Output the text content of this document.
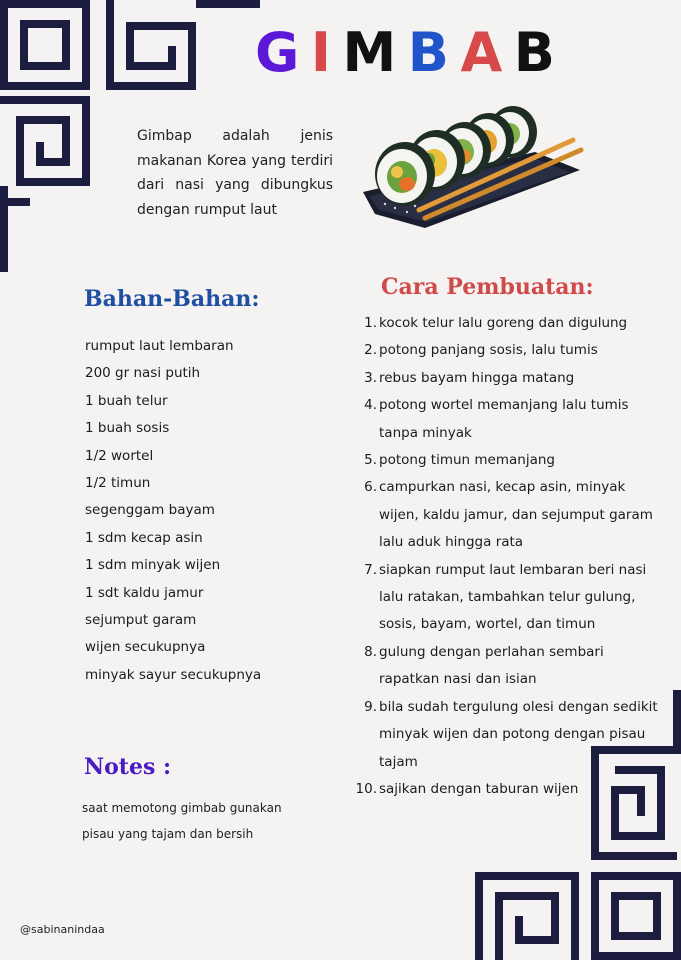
G I M B A B
Gimbap adalah jenis makanan Korea yang terdiri dari nasi yang dibungkus dengan rumput laut
Bahan-Bahan:
rumput laut lembaran
200 gr nasi putih
1 buah telur
1 buah sosis
1/2 wortel
1/2 timun
segenggam bayam
1 sdm kecap asin
1 sdm minyak wijen
1 sdt kaldu jamur
sejumput garam
wijen secukupnya
minyak sayur secukupnya
Cara Pembuatan:
1. kocok telur lalu goreng dan digulung
2. potong panjang sosis, lalu tumis
3. rebus bayam hingga matang
4. potong wortel memanjang lalu tumis tanpa minyak
5. potong timun memanjang
6. campurkan nasi, kecap asin, minyak wijen, kaldu jamur, dan sejumput garam lalu aduk hingga rata
7. siapkan rumput laut lembaran beri nasi lalu ratakan, tambahkan telur gulung, sosis, bayam, wortel, dan timun
8. gulung dengan perlahan sembari rapatkan nasi dan isian
9. bila sudah tergulung olesi dengan sedikit minyak wijen dan potong dengan pisau tajam
10. sajikan dengan taburan wijen
Notes :
saat memotong gimbab gunakan pisau yang tajam dan bersih
@sabinanindaa
